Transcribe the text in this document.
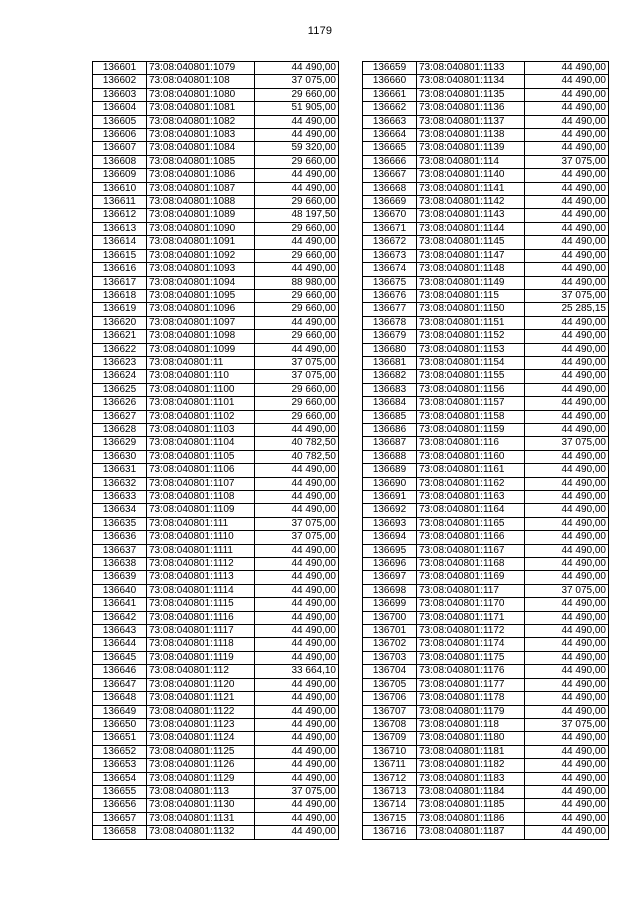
1179
136601	73:08:040801:1079	44 490,00
136602	73:08:040801:108	37 075,00
136603	73:08:040801:1080	29 660,00
136604	73:08:040801:1081	51 905,00
136605	73:08:040801:1082	44 490,00
136606	73:08:040801:1083	44 490,00
136607	73:08:040801:1084	59 320,00
136608	73:08:040801:1085	29 660,00
136609	73:08:040801:1086	44 490,00
136610	73:08:040801:1087	44 490,00
136611	73:08:040801:1088	29 660,00
136612	73:08:040801:1089	48 197,50
136613	73:08:040801:1090	29 660,00
136614	73:08:040801:1091	44 490,00
136615	73:08:040801:1092	29 660,00
136616	73:08:040801:1093	44 490,00
136617	73:08:040801:1094	88 980,00
136618	73:08:040801:1095	29 660,00
136619	73:08:040801:1096	29 660,00
136620	73:08:040801:1097	44 490,00
136621	73:08:040801:1098	29 660,00
136622	73:08:040801:1099	44 490,00
136623	73:08:040801:11	37 075,00
136624	73:08:040801:110	37 075,00
136625	73:08:040801:1100	29 660,00
136626	73:08:040801:1101	29 660,00
136627	73:08:040801:1102	29 660,00
136628	73:08:040801:1103	44 490,00
136629	73:08:040801:1104	40 782,50
136630	73:08:040801:1105	40 782,50
136631	73:08:040801:1106	44 490,00
136632	73:08:040801:1107	44 490,00
136633	73:08:040801:1108	44 490,00
136634	73:08:040801:1109	44 490,00
136635	73:08:040801:111	37 075,00
136636	73:08:040801:1110	37 075,00
136637	73:08:040801:1111	44 490,00
136638	73:08:040801:1112	44 490,00
136639	73:08:040801:1113	44 490,00
136640	73:08:040801:1114	44 490,00
136641	73:08:040801:1115	44 490,00
136642	73:08:040801:1116	44 490,00
136643	73:08:040801:1117	44 490,00
136644	73:08:040801:1118	44 490,00
136645	73:08:040801:1119	44 490,00
136646	73:08:040801:112	33 664,10
136647	73:08:040801:1120	44 490,00
136648	73:08:040801:1121	44 490,00
136649	73:08:040801:1122	44 490,00
136650	73:08:040801:1123	44 490,00
136651	73:08:040801:1124	44 490,00
136652	73:08:040801:1125	44 490,00
136653	73:08:040801:1126	44 490,00
136654	73:08:040801:1129	44 490,00
136655	73:08:040801:113	37 075,00
136656	73:08:040801:1130	44 490,00
136657	73:08:040801:1131	44 490,00
136658	73:08:040801:1132	44 490,00
136659	73:08:040801:1133	44 490,00
136660	73:08:040801:1134	44 490,00
136661	73:08:040801:1135	44 490,00
136662	73:08:040801:1136	44 490,00
136663	73:08:040801:1137	44 490,00
136664	73:08:040801:1138	44 490,00
136665	73:08:040801:1139	44 490,00
136666	73:08:040801:114	37 075,00
136667	73:08:040801:1140	44 490,00
136668	73:08:040801:1141	44 490,00
136669	73:08:040801:1142	44 490,00
136670	73:08:040801:1143	44 490,00
136671	73:08:040801:1144	44 490,00
136672	73:08:040801:1145	44 490,00
136673	73:08:040801:1147	44 490,00
136674	73:08:040801:1148	44 490,00
136675	73:08:040801:1149	44 490,00
136676	73:08:040801:115	37 075,00
136677	73:08:040801:1150	25 285,15
136678	73:08:040801:1151	44 490,00
136679	73:08:040801:1152	44 490,00
136680	73:08:040801:1153	44 490,00
136681	73:08:040801:1154	44 490,00
136682	73:08:040801:1155	44 490,00
136683	73:08:040801:1156	44 490,00
136684	73:08:040801:1157	44 490,00
136685	73:08:040801:1158	44 490,00
136686	73:08:040801:1159	44 490,00
136687	73:08:040801:116	37 075,00
136688	73:08:040801:1160	44 490,00
136689	73:08:040801:1161	44 490,00
136690	73:08:040801:1162	44 490,00
136691	73:08:040801:1163	44 490,00
136692	73:08:040801:1164	44 490,00
136693	73:08:040801:1165	44 490,00
136694	73:08:040801:1166	44 490,00
136695	73:08:040801:1167	44 490,00
136696	73:08:040801:1168	44 490,00
136697	73:08:040801:1169	44 490,00
136698	73:08:040801:117	37 075,00
136699	73:08:040801:1170	44 490,00
136700	73:08:040801:1171	44 490,00
136701	73:08:040801:1172	44 490,00
136702	73:08:040801:1174	44 490,00
136703	73:08:040801:1175	44 490,00
136704	73:08:040801:1176	44 490,00
136705	73:08:040801:1177	44 490,00
136706	73:08:040801:1178	44 490,00
136707	73:08:040801:1179	44 490,00
136708	73:08:040801:118	37 075,00
136709	73:08:040801:1180	44 490,00
136710	73:08:040801:1181	44 490,00
136711	73:08:040801:1182	44 490,00
136712	73:08:040801:1183	44 490,00
136713	73:08:040801:1184	44 490,00
136714	73:08:040801:1185	44 490,00
136715	73:08:040801:1186	44 490,00
136716	73:08:040801:1187	44 490,00
